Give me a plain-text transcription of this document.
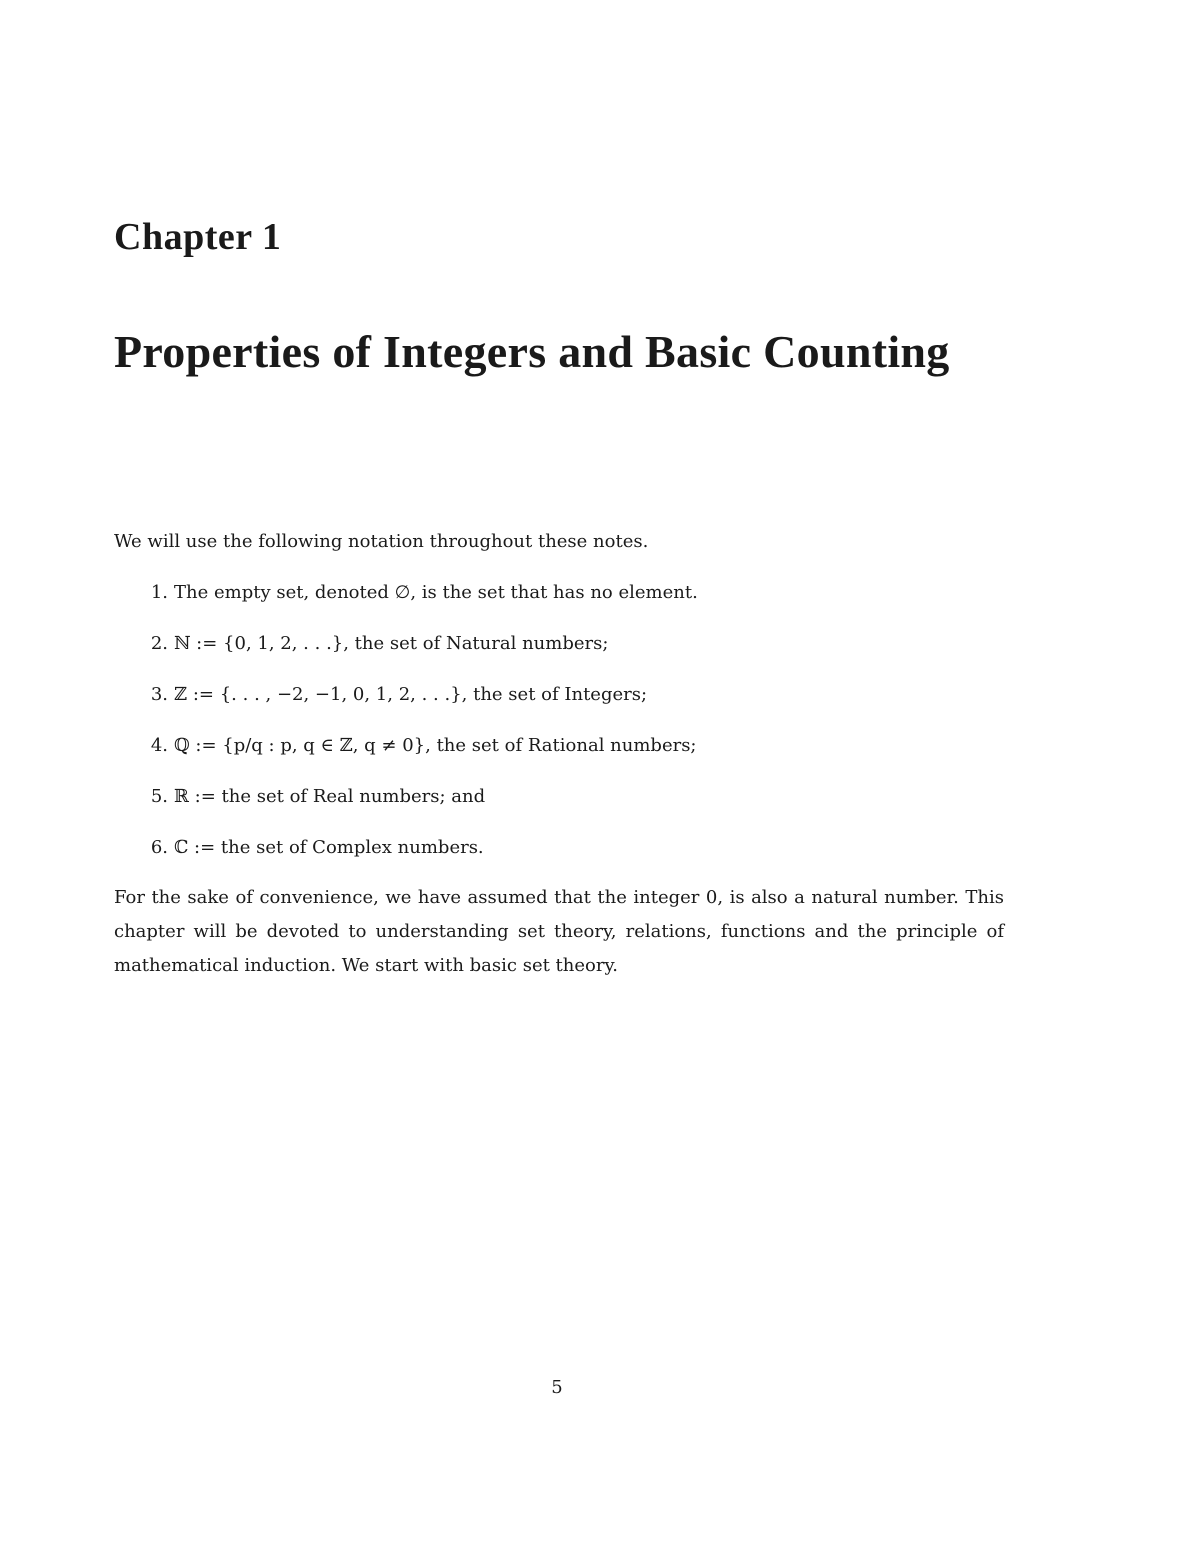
Chapter 1
Properties of Integers and Basic Counting

We will use the following notation throughout these notes.

1. The empty set, denoted ∅, is the set that has no element.
2. ℕ := {0, 1, 2, . . .}, the set of Natural numbers;
3. ℤ := {. . . , −2, −1, 0, 1, 2, . . .}, the set of Integers;
4. ℚ := {p/q : p, q ∈ ℤ, q ≠ 0}, the set of Rational numbers;
5. ℝ := the set of Real numbers; and
6. ℂ := the set of Complex numbers.

For the sake of convenience, we have assumed that the integer 0, is also a natural number. This chapter will be devoted to understanding set theory, relations, functions and the principle of mathematical induction. We start with basic set theory.

5
